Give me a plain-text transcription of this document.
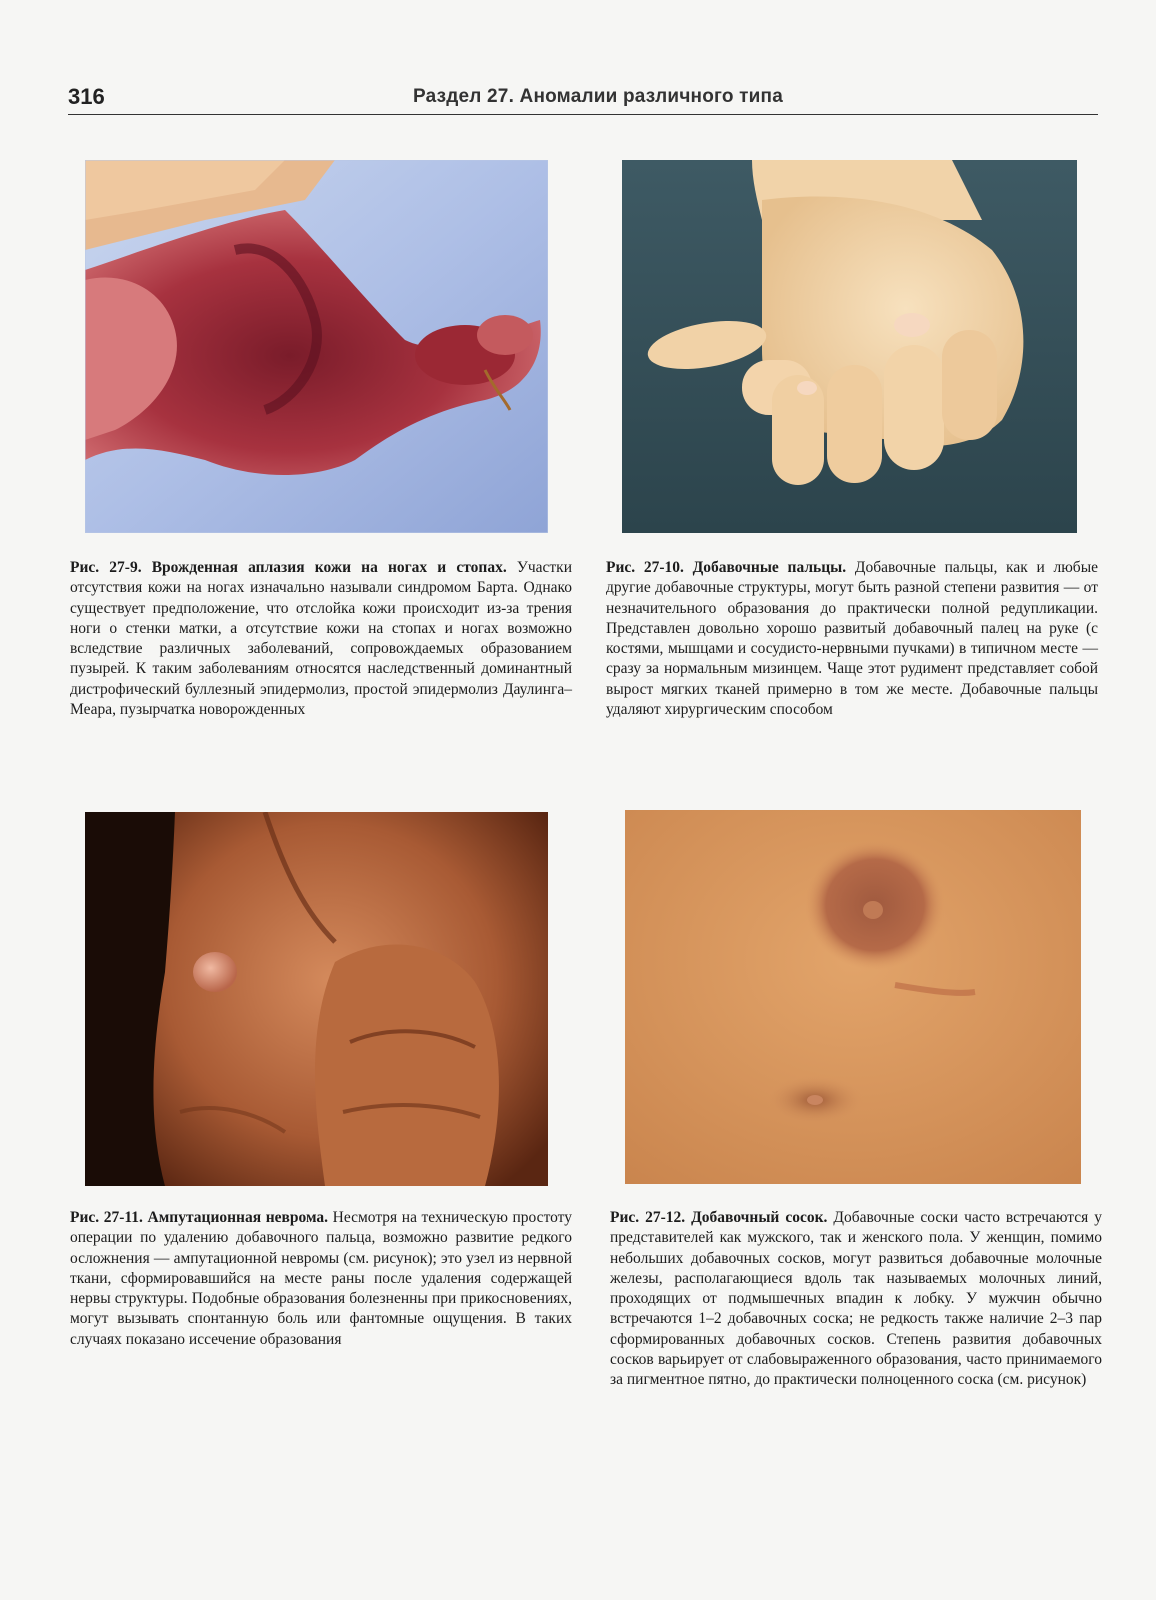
316	Раздел 27. Аномалии различного типа
Рис. 27-9. Врожденная аплазия кожи на ногах и стопах. Участки отсутствия кожи на ногах изначально называли синдромом Барта. Однако существует предположение, что отслойка кожи происходит из-за трения ноги о стенки матки, а отсутствие кожи на стопах и ногах возможно вследствие различных заболеваний, сопровождаемых образованием пузырей. К таким заболеваниям относятся наследственный доминантный дистрофический буллезный эпидермолиз, простой эпидермолиз Даулинга–Меара, пузырчатка новорожденных
Рис. 27-10. Добавочные пальцы. Добавочные пальцы, как и любые другие добавочные структуры, могут быть разной степени развития — от незначительного образования до практически полной редупликации. Представлен довольно хорошо развитый добавочный палец на руке (с костями, мышцами и сосудисто-нервными пучками) в типичном месте — сразу за нормальным мизинцем. Чаще этот рудимент представляет собой вырост мягких тканей примерно в том же месте. Добавочные пальцы удаляют хирургическим способом
Рис. 27-11. Ампутационная неврома. Несмотря на техническую простоту операции по удалению добавочного пальца, возможно развитие редкого осложнения — ампутационной невромы (см. рисунок); это узел из нервной ткани, сформировавшийся на месте раны после удаления содержащей нервы структуры. Подобные образования болезненны при прикосновениях, могут вызывать спонтанную боль или фантомные ощущения. В таких случаях показано иссечение образования
Рис. 27-12. Добавочный сосок. Добавочные соски часто встречаются у представителей как мужского, так и женского пола. У женщин, помимо небольших добавочных сосков, могут развиться добавочные молочные железы, располагающиеся вдоль так называемых молочных линий, проходящих от подмышечных впадин к лобку. У мужчин обычно встречаются 1–2 добавочных соска; не редкость также наличие 2–3 пар сформированных добавочных сосков. Степень развития добавочных сосков варьирует от слабовыраженного образования, часто принимаемого за пигментное пятно, до практически полноценного соска (см. рисунок)
